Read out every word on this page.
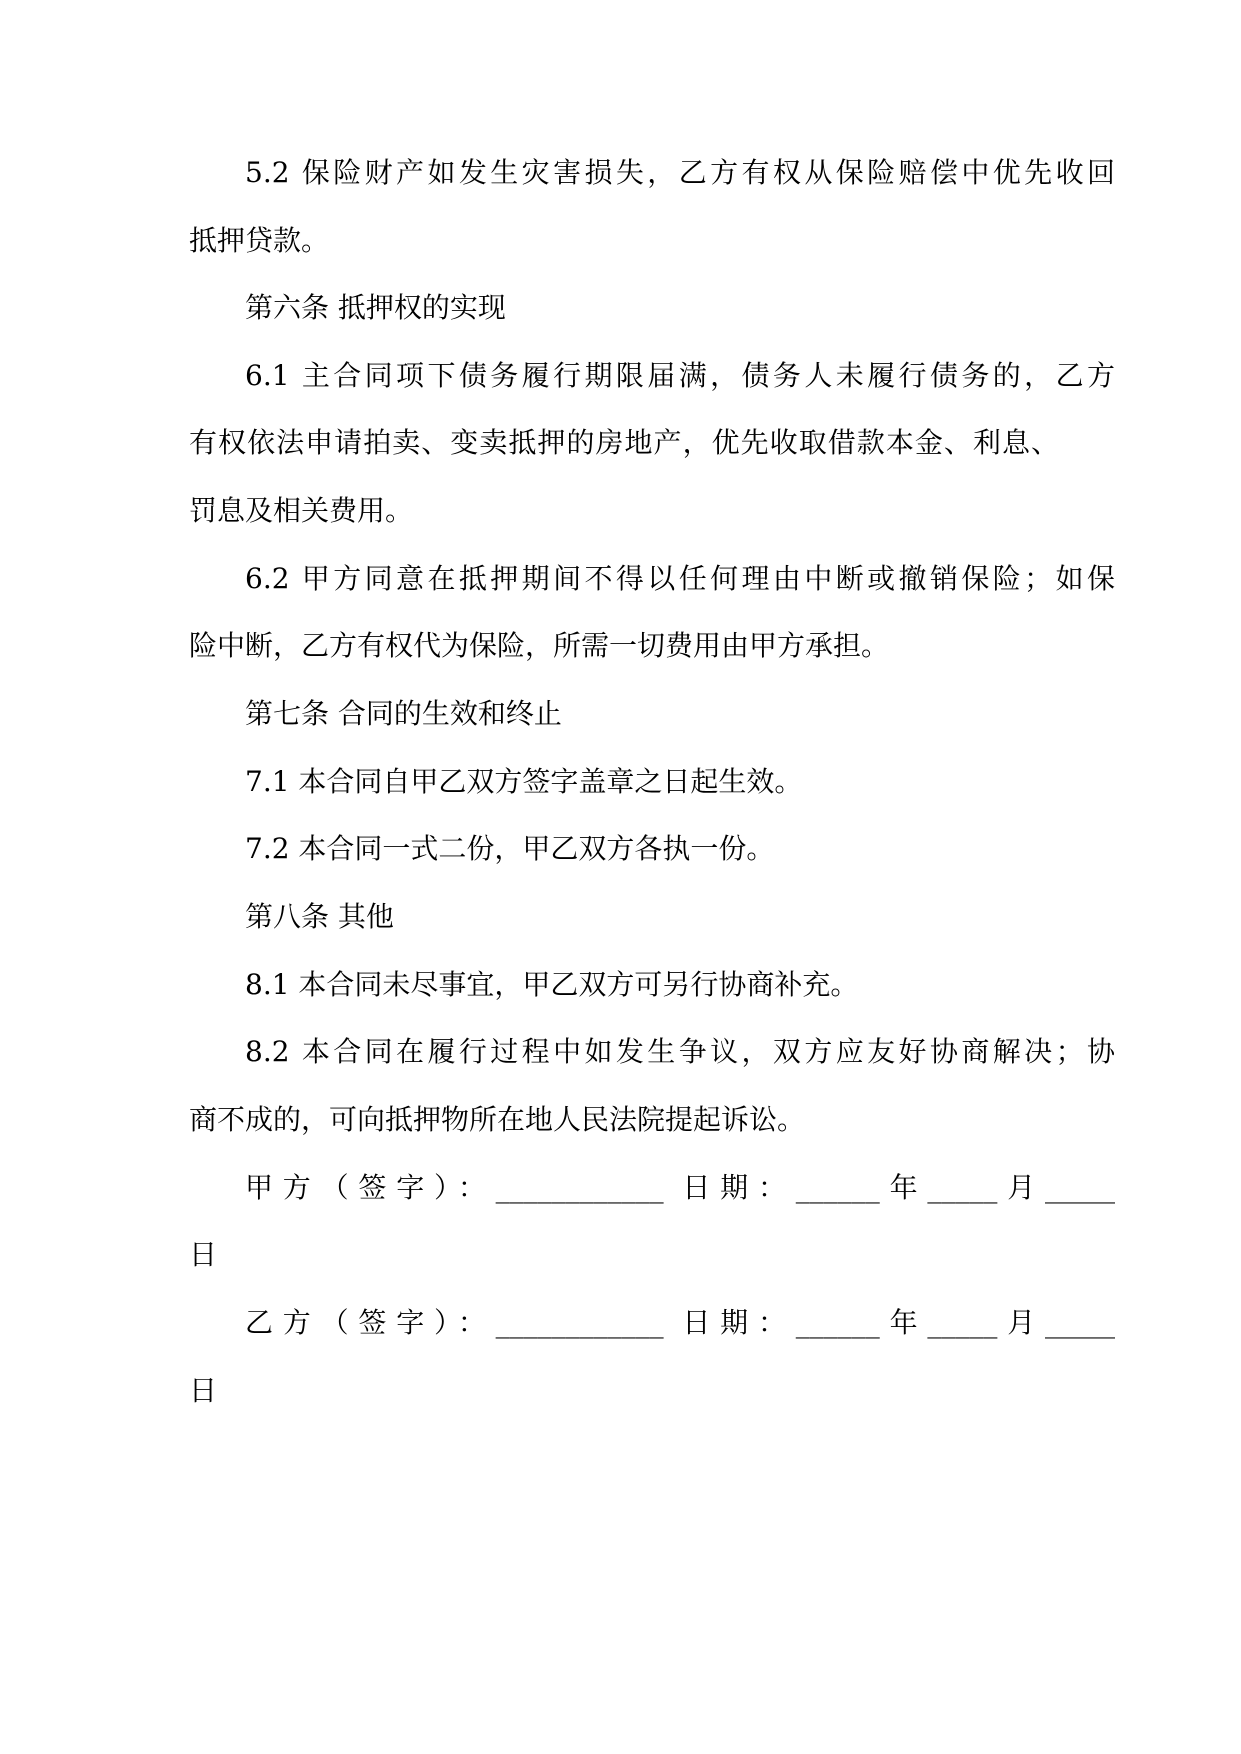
5.2 保险财产如发生灾害损失，乙方有权从保险赔偿中优先收回
抵押贷款。
第六条 抵押权的实现
6.1 主合同项下债务履行期限届满，债务人未履行债务的，乙方
有权依法申请拍卖、变卖抵押的房地产，优先收取借款本金、利息、
罚息及相关费用。
6.2 甲方同意在抵押期间不得以任何理由中断或撤销保险；如保
险中断，乙方有权代为保险，所需一切费用由甲方承担。
第七条 合同的生效和终止
7.1 本合同自甲乙双方签字盖章之日起生效。
7.2 本合同一式二份，甲乙双方各执一份。
第八条 其他
8.1 本合同未尽事宜，甲乙双方可另行协商补充。
8.2 本合同在履行过程中如发生争议，双方应友好协商解决；协
商不成的，可向抵押物所在地人民法院提起诉讼。
甲方（签字）：____________ 日期：______年_____月_____
日
乙方（签字）：____________ 日期：______年_____月_____
日
